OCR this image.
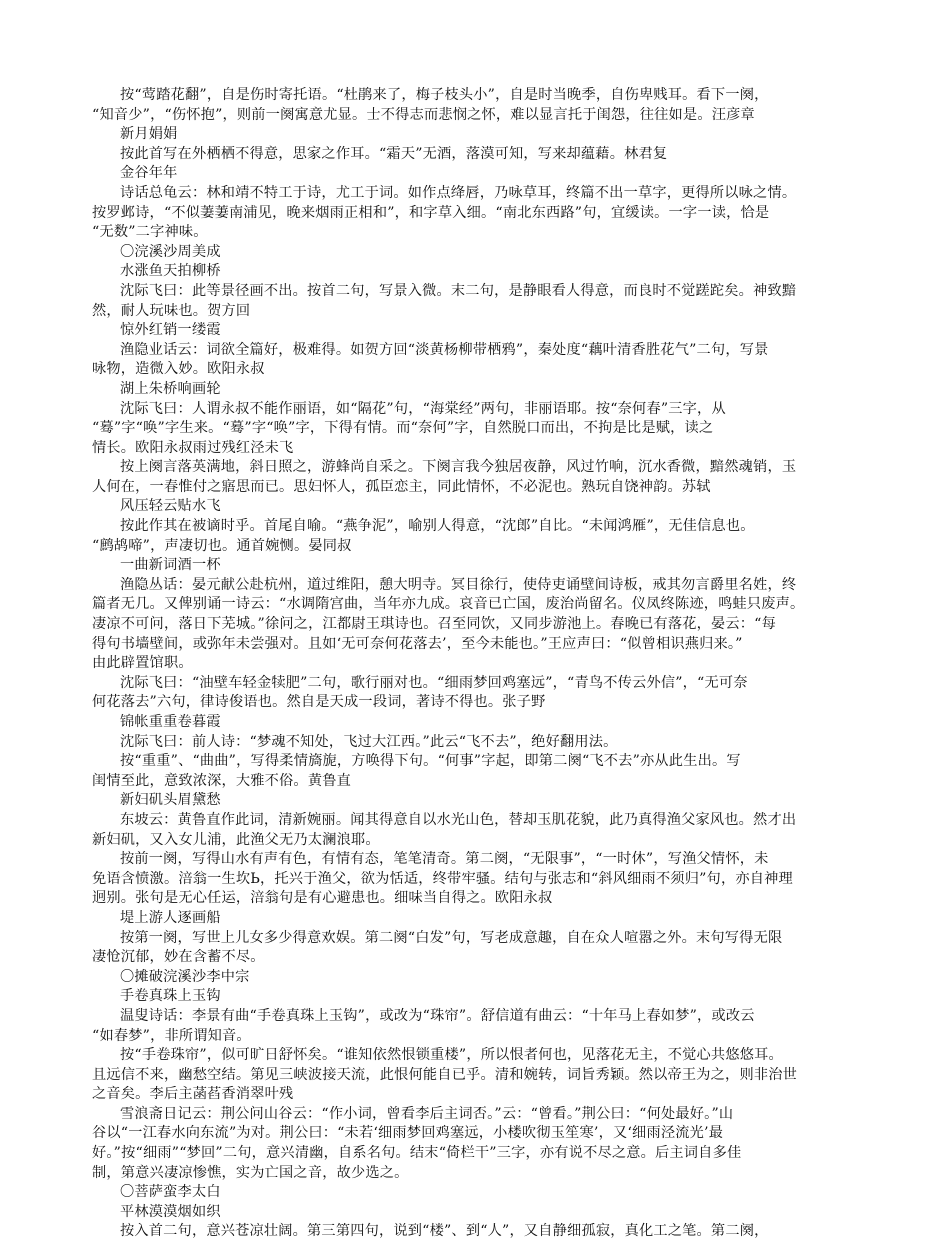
按“莺踏花翻”，自是伤时寄托语。“杜鹃来了，梅子枝头小”，自是时当晚季，自伤卑贱耳。看下一阕，
“知音少”，“伤怀抱”，则前一阕寓意尤显。士不得志而悲悯之怀，难以显言托于闺怨，往往如是。汪彦章
新月娟娟
按此首写在外栖栖不得意，思家之作耳。“霜天”无酒，落漠可知，写来却蕴藉。林君复
金谷年年
诗话总龟云：林和靖不特工于诗，尤工于词。如作点绛唇，乃咏草耳，终篇不出一草字，更得所以咏之情。
按罗邺诗，“不似萋萋南浦见，晚来烟雨正相和”，和字草入细。“南北东西路”句，宜缓读。一字一读，恰是
“无数”二字神味。
〇浣溪沙周美成
水涨鱼天拍柳桥
沈际飞曰：此等景径画不出。按首二句，写景入微。末二句，是静眼看人得意，而良时不觉蹉跎矣。神致黯
然，耐人玩味也。贺方回
惊外红销一缕霞
渔隐业话云：词欲全篇好，极难得。如贺方回“淡黄杨柳带栖鸦”，秦处度“藕叶清香胜花气”二句，写景
咏物，造微入妙。欧阳永叔
湖上朱桥响画轮
沈际飞曰：人谓永叔不能作丽语，如“隔花”句，“海棠经”两句，非丽语耶。按“奈何春”三字，从
“蓦”字“唤”字生来。“蓦”字“唤”字，下得有情。而“奈何”字，自然脱口而出，不拘是比是赋，读之
情长。欧阳永叔雨过残红泾未飞
按上阕言落英满地，斜日照之，游蜂尚自采之。下阕言我今独居夜静，风过竹响，沉水香微，黯然魂销，玉
人何在，一春惟付之寤思而已。思妇怀人，孤臣恋主，同此情怀，不必泥也。熟玩自饶神韵。苏轼
风压轻云贴水飞
按此作其在被谪时乎。首尾自喻。“燕争泥”，喻别人得意，“沈郎”自比。“未闻鸿雁”，无佳信息也。
“鹧鸪啼”，声凄切也。通首婉恻。晏同叔
一曲新词酒一杯
渔隐丛话：晏元献公赴杭州，道过维阳，憩大明寺。冥目徐行，使侍吏诵壁间诗板，戒其勿言爵里名姓，终
篇者无几。又俾别诵一诗云：“水调隋宫曲，当年亦九成。哀音已亡国，废治尚留名。仪凤终陈迹，鸣蛙只废声。
凄凉不可问，落日下芜城。”徐问之，江都尉王琪诗也。召至同饮，又同步游池上。春晚已有落花，晏云：“每
得句书墙壁间，或弥年未尝强对。且如‘无可奈何花落去’，至今未能也。”王应声曰：“似曾相识燕归来。”
由此辟置馆职。
沈际飞曰：“油壁车轻金犊肥”二句，歌行丽对也。“细雨梦回鸡塞远”，“青鸟不传云外信”，“无可奈
何花落去”六句，律诗俊语也。然自是天成一段词，著诗不得也。张子野
锦帐重重卷暮霞
沈际飞曰：前人诗：“梦魂不知处，飞过大江西。”此云“飞不去”，绝好翻用法。
按“重重”、“曲曲”，写得柔情旖旎，方唤得下句。“何事”字起，即第二阕“飞不去”亦从此生出。写
闺情至此，意致浓深，大雅不俗。黄鲁直
新妇矶头眉黛愁
东坡云：黄鲁直作此词，清新婉丽。闻其得意自以水光山色，替却玉肌花貌，此乃真得渔父家风也。然才出
新妇矶，又入女儿浦，此渔父无乃太澜浪耶。
按前一阕，写得山水有声有色，有情有态，笔笔清奇。第二阕，“无限事”，“一时休”，写渔父情怀，未
免语含愤激。涪翁一生坎Ь，托兴于渔父，欲为恬适，终带牢骚。结句与张志和“斜风细雨不须归”句，亦自神理
迥别。张句是无心任运，涪翁句是有心避患也。细味当自得之。欧阳永叔
堤上游人逐画船
按第一阕，写世上儿女多少得意欢娱。第二阕“白发”句，写老成意趣，自在众人喧嚣之外。末句写得无限
凄怆沉郁，妙在含蓄不尽。
〇摊破浣溪沙李中宗
手卷真珠上玉钩
温叟诗话：李景有曲“手卷真珠上玉钩”，或改为“珠帘”。舒信道有曲云：“十年马上春如梦”，或改云
“如春梦”，非所谓知音。
按“手卷珠帘”，似可旷日舒怀矣。“谁知依然恨锁重楼”，所以恨者何也，见落花无主，不觉心共悠悠耳。
且远信不来，幽愁空结。第见三峡波接天流，此恨何能自已乎。清和婉转，词旨秀颖。然以帝王为之，则非治世
之音矣。李后主菡萏香消翠叶残
雪浪斋日记云：荆公问山谷云：“作小词，曾看李后主词否。”云：“曾看。”荆公曰：“何处最好。”山
谷以“一江春水向东流”为对。荆公曰：“未若‘细雨梦回鸡塞远，小楼吹彻玉笙寒’，又‘细雨泾流光’最
好。”按“细雨”“梦回”二句，意兴清幽，自系名句。结末“倚栏干”三字，亦有说不尽之意。后主词自多佳
制，第意兴凄凉惨憔，实为亡国之音，故少选之。
〇菩萨蛮李太白
平林漠漠烟如织
按入首二句，意兴苍凉壮阔。第三第四句，说到“楼”、到“人”，又自静细孤寂，真化工之笔。第二阕，
